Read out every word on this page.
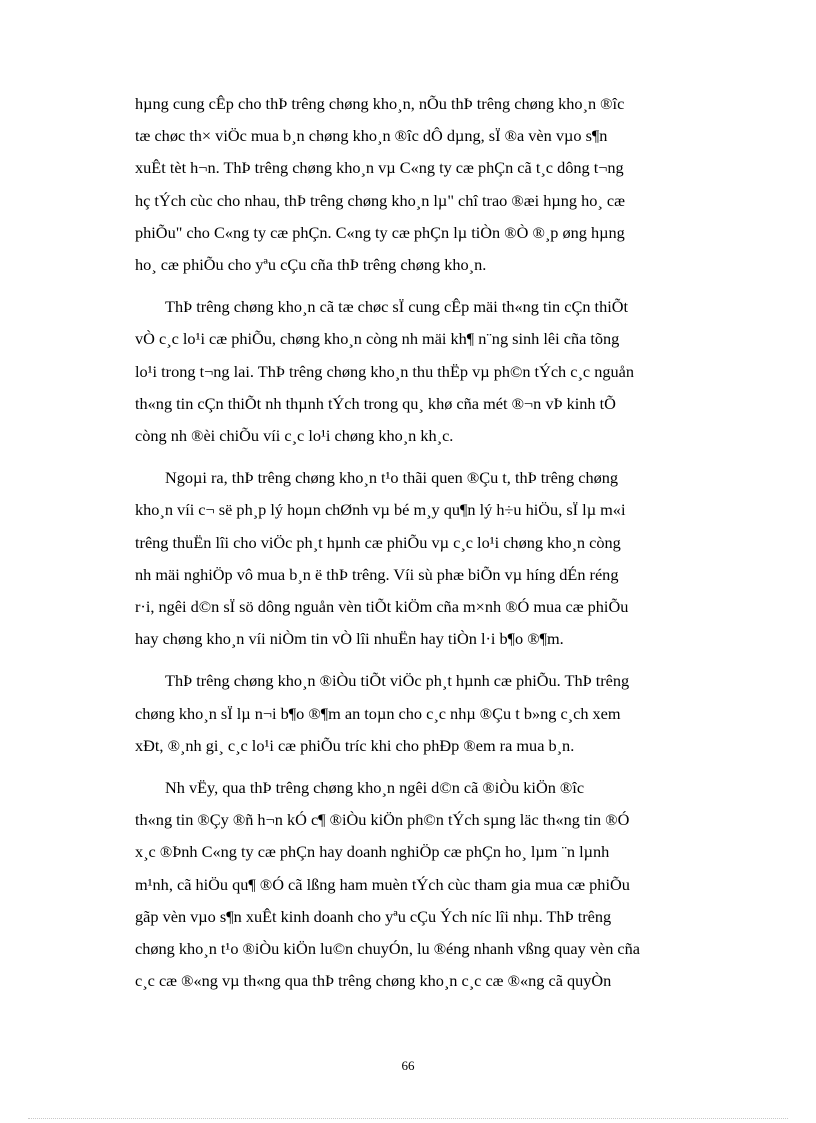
hµng cung cÊp cho thÞ trêng chøng kho¸n, nÕu thÞ trêng chøng kho¸n ®îc
tæ chøc th× viÖc mua b¸n chøng kho¸n ®îc dÔ dµng, sÏ ®a vèn vµo s¶n
xuÊt tèt h¬n. ThÞ trêng chøng kho¸n vµ C«ng ty cæ phÇn cã t¸c dông t¬ng
hç tÝch cùc cho nhau, thÞ trêng chøng kho¸n lµ" chî trao ®æi hµng ho¸ cæ
phiÕu" cho C«ng ty cæ phÇn. C«ng ty cæ phÇn lµ tiÒn ®Ò ®¸p øng hµng
ho¸ cæ phiÕu cho yªu cÇu cña thÞ trêng chøng kho¸n.
ThÞ trêng chøng kho¸n cã tæ chøc sÏ cung cÊp mäi th«ng tin cÇn thiÕt
vÒ c¸c lo¹i cæ phiÕu, chøng kho¸n còng nh mäi kh¶ n¨ng sinh lêi cña tõng
lo¹i trong t¬ng lai. ThÞ trêng chøng kho¸n thu thËp vµ ph©n tÝch c¸c nguån
th«ng tin cÇn thiÕt nh thµnh tÝch trong qu¸ khø cña mét ®¬n vÞ kinh tÕ
còng nh ®èi chiÕu víi c¸c lo¹i chøng kho¸n kh¸c.
Ngoµi ra, thÞ trêng chøng kho¸n t¹o thãi quen ®Çu t, thÞ trêng chøng
kho¸n víi c¬ së ph¸p lý hoµn chØnh vµ bé m¸y qu¶n lý h÷u hiÖu, sÏ lµ m«i
trêng thuËn lîi cho viÖc ph¸t hµnh cæ phiÕu vµ c¸c lo¹i chøng kho¸n còng
nh mäi nghiÖp vô mua b¸n ë thÞ trêng. Víi sù phæ biÕn vµ híng dÉn réng
r·i, ngêi d©n sÏ sö dông nguån vèn tiÕt kiÖm cña m×nh ®Ó mua cæ phiÕu
hay chøng kho¸n víi niÒm tin vÒ lîi nhuËn hay tiÒn l·i b¶o ®¶m.
ThÞ trêng chøng kho¸n ®iÒu tiÕt viÖc ph¸t hµnh cæ phiÕu. ThÞ trêng
chøng kho¸n sÏ lµ n¬i b¶o ®¶m an toµn cho c¸c nhµ ®Çu t b»ng c¸ch xem
xÐt, ®¸nh gi¸ c¸c lo¹i cæ phiÕu tríc khi cho phÐp ®em ra mua b¸n.
Nh vËy, qua thÞ trêng chøng kho¸n ngêi d©n cã ®iÒu kiÖn ®îc
th«ng tin ®Çy ®ñ h¬n kÓ c¶ ®iÒu kiÖn ph©n tÝch sµng läc th«ng tin ®Ó
x¸c ®Þnh C«ng ty cæ phÇn hay doanh nghiÖp cæ phÇn ho¸ lµm ¨n lµnh
m¹nh, cã hiÖu qu¶ ®Ó cã lßng ham muèn tÝch cùc tham gia mua cæ phiÕu
gãp vèn vµo s¶n xuÊt kinh doanh cho yªu cÇu Ých níc lîi nhµ. ThÞ trêng
chøng kho¸n t¹o ®iÒu kiÖn lu©n chuyÓn, lu ®éng nhanh vßng quay vèn cña
c¸c cæ ®«ng vµ th«ng qua thÞ trêng chøng kho¸n c¸c cæ ®«ng cã quyÒn
66
